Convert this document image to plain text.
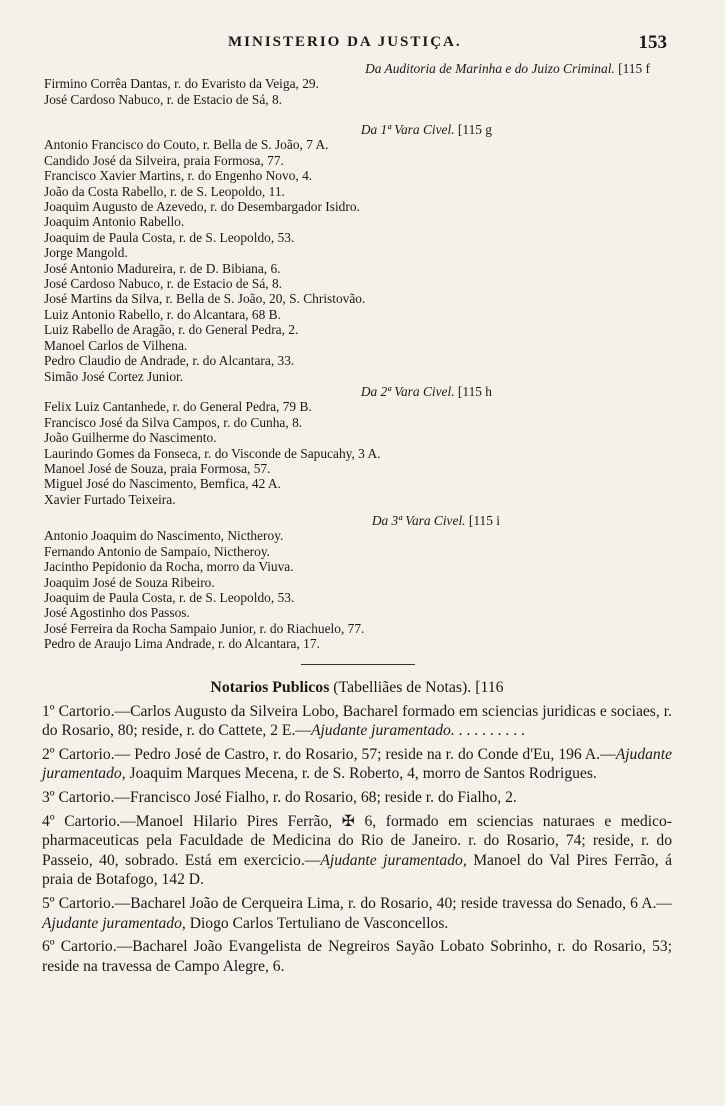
MINISTERIO DA JUSTIÇA.	153
Da Auditoria de Marinha e do Juizo Criminal. [115 f
Firmino Corrêa Dantas, r. do Evaristo da Veiga, 29.
José Cardoso Nabuco, r. de Estacio de Sá, 8.
Da 1ª Vara Civel. [115 g
Antonio Francisco do Couto, r. Bella de S. João, 7 A.
Candido José da Silveira, praia Formosa, 77.
Francisco Xavier Martins, r. do Engenho Novo, 4.
João da Costa Rabello, r. de S. Leopoldo, 11.
Joaquim Augusto de Azevedo, r. do Desembargador Isidro.
Joaquim Antonio Rabello.
Joaquim de Paula Costa, r. de S. Leopoldo, 53.
Jorge Mangold.
José Antonio Madureira, r. de D. Bibiana, 6.
José Cardoso Nabuco, r. de Estacio de Sá, 8.
José Martins da Silva, r. Bella de S. João, 20, S. Christovão.
Luiz Antonio Rabello, r. do Alcantara, 68 B.
Luiz Rabello de Aragão, r. do General Pedra, 2.
Manoel Carlos de Vilhena.
Pedro Claudio de Andrade, r. do Alcantara, 33.
Simão José Cortez Junior.
Da 2ª Vara Civel. [115 h
Felix Luiz Cantanhede, r. do General Pedra, 79 B.
Francisco José da Silva Campos, r. do Cunha, 8.
João Guilherme do Nascimento.
Laurindo Gomes da Fonseca, r. do Visconde de Sapucahy, 3 A.
Manoel José de Souza, praia Formosa, 57.
Miguel José do Nascimento, Bemfica, 42 A.
Xavier Furtado Teixeira.
Da 3ª Vara Civel. [115 i
Antonio Joaquim do Nascimento, Nictheroy.
Fernando Antonio de Sampaio, Nictheroy.
Jacintho Pepidonio da Rocha, morro da Viuva.
Joaquim José de Souza Ribeiro.
Joaquim de Paula Costa, r. de S. Leopoldo, 53.
José Agostinho dos Passos.
José Ferreira da Rocha Sampaio Junior, r. do Riachuelo, 77.
Pedro de Araujo Lima Andrade, r. do Alcantara, 17.
Notarios Publicos (Tabelliães de Notas). [116
1º Cartorio.—Carlos Augusto da Silveira Lobo, Bacharel formado em sciencias juridicas e sociaes, r. do Rosario, 80; reside, r. do Cattete, 2 E.—Ajudante juramentado. . . . . . . . . .
2º Cartorio.— Pedro José de Castro, r. do Rosario, 57; reside na r. do Conde d'Eu, 196 A.—Ajudante juramentado, Joaquim Marques Mecena, r. de S. Roberto, 4, morro de Santos Rodrigues.
3º Cartorio.—Francisco José Fialho, r. do Rosario, 68; reside r. do Fialho, 2.
4º Cartorio.—Manoel Hilario Pires Ferrão, ✠ 6, formado em sciencias naturaes e medico-pharmaceuticas pela Faculdade de Medicina do Rio de Janeiro. r. do Rosario, 74; reside, r. do Passeio, 40, sobrado. Está em exercicio.—Ajudante juramentado, Manoel do Val Pires Ferrão, á praia de Botafogo, 142 D.
5º Cartorio.—Bacharel João de Cerqueira Lima, r. do Rosario, 40; reside travessa do Senado, 6 A.—Ajudante juramentado, Diogo Carlos Tertuliano de Vasconcellos.
6º Cartorio.—Bacharel João Evangelista de Negreiros Sayão Lobato Sobrinho, r. do Rosario, 53; reside na travessa de Campo Alegre, 6.
